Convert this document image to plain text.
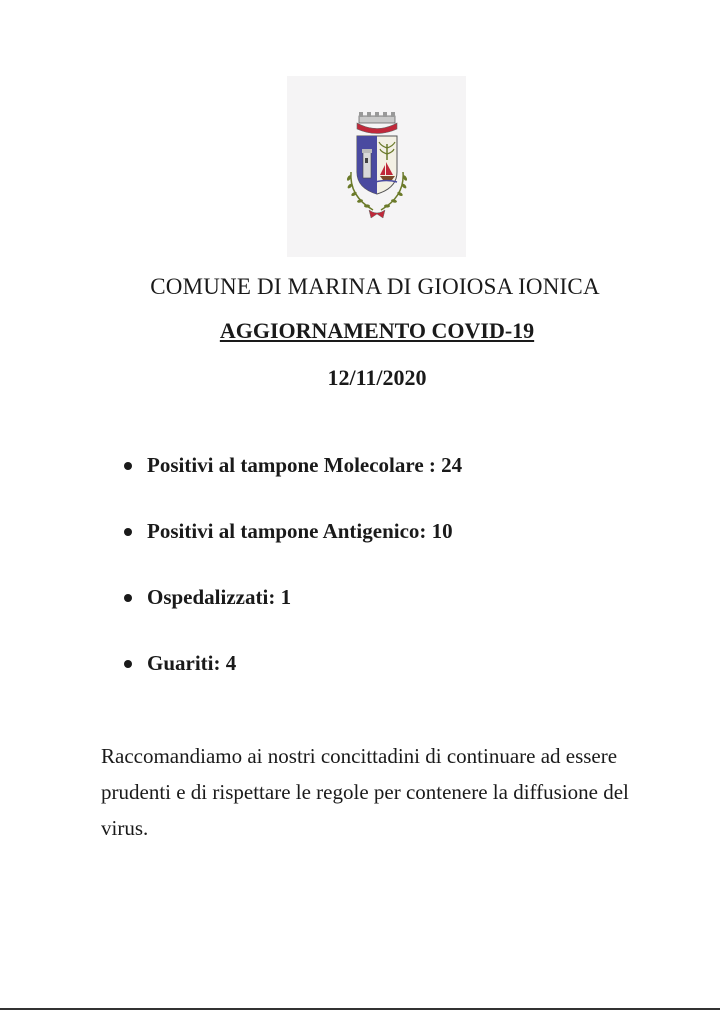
COMUNE DI MARINA DI GIOIOSA IONICA
AGGIORNAMENTO COVID-19
12/11/2020
Positivi al tampone Molecolare : 24
Positivi al tampone Antigenico: 10
Ospedalizzati: 1
Guariti: 4

Raccomandiamo ai nostri concittadini di continuare ad essere prudenti e di rispettare le regole per contenere la diffusione del virus.
